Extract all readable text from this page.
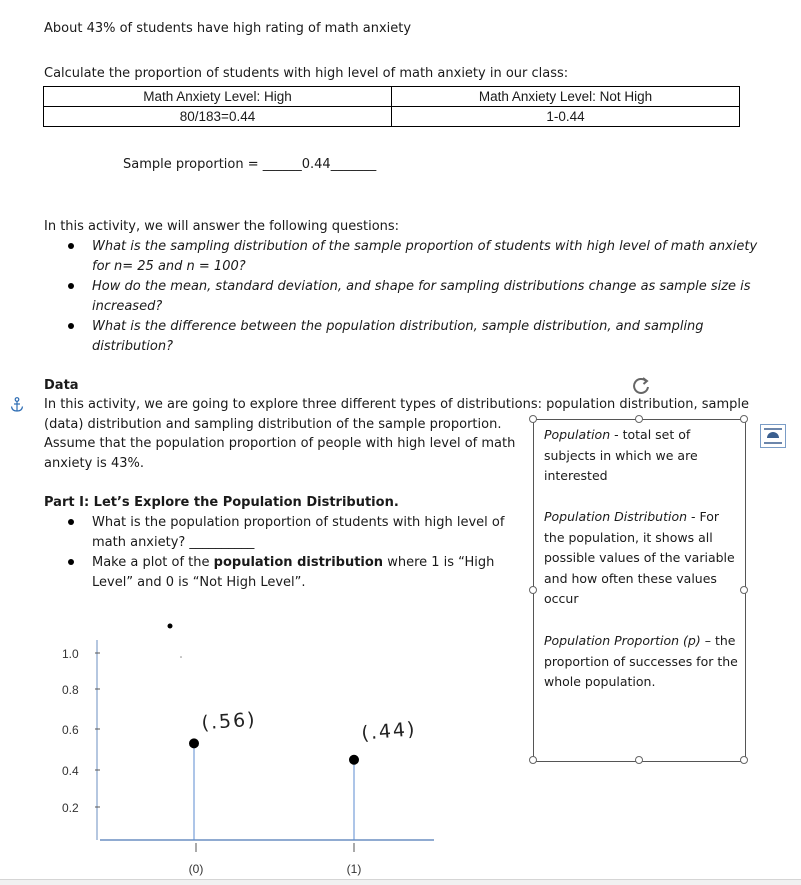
About 43% of students have high rating of math anxiety
Calculate the proportion of students with high level of math anxiety in our class:
Math Anxiety Level: High	Math Anxiety Level: Not High
80/183=0.44	1-0.44
Sample proportion = ______0.44_______
In this activity, we will answer the following questions:
What is the sampling distribution of the sample proportion of students with high level of math anxiety
for n= 25 and n = 100?
How do the mean, standard deviation, and shape for sampling distributions change as sample size is
increased?
What is the difference between the population distribution, sample distribution, and sampling
distribution?
Data
In this activity, we are going to explore three different types of distributions: population distribution, sample
(data) distribution and sampling distribution of the sample proportion.
Assume that the population proportion of people with high level of math
anxiety is 43%.
Part I: Let’s Explore the Population Distribution.
What is the population proportion of students with high level of
math anxiety? __________
Make a plot of the population distribution where 1 is “High
Level” and 0 is “Not High Level”.
1.0
0.8
0.6
0.4
0.2
(0)	(1)
(.56)	(.44)
Population - total set of
subjects in which we are
interested
Population Distribution - For
the population, it shows all
possible values of the variable
and how often these values
occur
Population Proportion (p) – the
proportion of successes for the
whole population.
